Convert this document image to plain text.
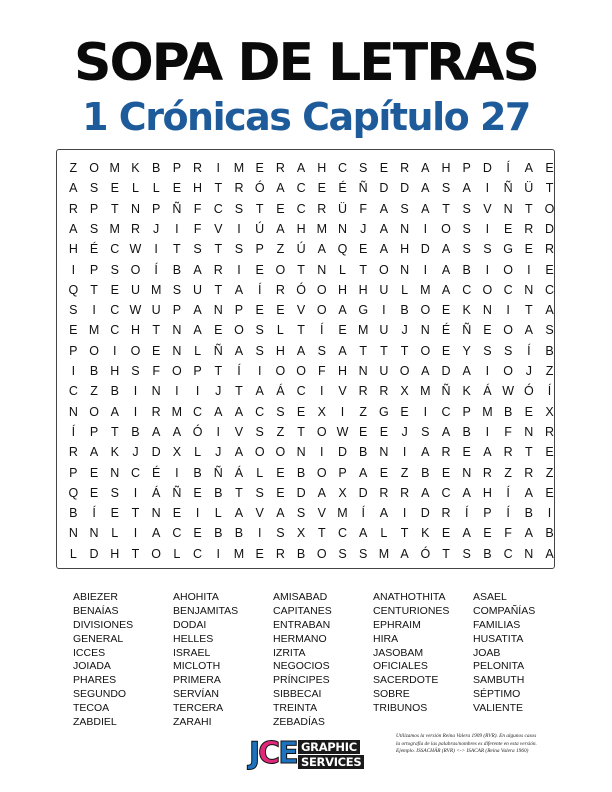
SOPA DE LETRAS
1 Crónicas Capítulo 27
Z O M K B P R	I	M E R A H C S E R A H P D	Í	A E
A S E	L	L	E H T R Ó A C E É Ñ D D A S A	I	Ñ Ü T
R P	T N P Ñ F C S	T	E C R Ü F	A S A	T	S V N T O
A S M R	J	I	F	V	I	Ú A H M N	J	A N	I	O S	I	E R D
H É C W	I	T	S	T	S P	Z Ú A Q E A H D A S S G E R
I	P S O	Í	B A R	I	E O T N	L	T O N	I	A B	I	O	I	E
Q T	E U M S U T	A	Í	R Ó O H H U	L M A C O C N C
S	I	C W U P A N P E E V O A G	I	B O E K N	I	T	A
E M C H T N A E O S	L	T	Í	E M U	J	N É Ñ E O A S
P O	I	O E N	L	Ñ A S H A S A	T	T	T O E Y S S	Í	B
I	B H S	F O P	T	Í	I	O O F H N U O A D A	I	O	J	Z
C Z	B	I	N	I	I	J	T	A Á C	I	V R R X M Ñ K Á W Ó	Í
N O A	I	R M C A A C S E X	I	Z G E	I	C P M B E X
Í	P	T	B A A Ó	I	V S	Z	T O W E E	J	S A B	I	F N R
R A K	J	D X	L	J	A O O N	I	D B N	I	A R E A R T	E
P E N C É	I	B Ñ Á	L	E B O P A E	Z	B E N R Z R Z
Q E S	I	Á Ñ E B	T	S E D A X D R R A C A H	Í	A E
B	Í	E	T N E	I	L	A V A S V M	Í	A	I	D R	Í	P	Í	B	I
N N	L	I	A C E B B	I	S X	T C A	L	T	K E A E	F	A B
L	D H T O L	C	I	M E R B O S S M A Ó T	S B C N A
ABIEZER
BENAÍAS
DIVISIONES
GENERAL
ICCES
JOIADA
PHARES
SEGUNDO
TECOA
ZABDIEL
AHOHITA
BENJAMITAS
DODAI
HELLES
ISRAEL
MICLOTH
PRIMERA
SERVÍAN
TERCERA
ZARAHI
AMISABAD
CAPITANES
ENTRABAN
HERMANO
IZRITA
NEGOCIOS
PRÍNCIPES
SIBBECAI
TREINTA
ZEBADÍAS
ANATHOTHITA
CENTURIONES
EPHRAIM
HIRA
JASOBAM
OFICIALES
SACERDOTE
SOBRE
TRIBUNOS
ASAEL
COMPAÑÍAS
FAMILIAS
HUSATITA
JOAB
PELONITA
SAMBUTH
SÉPTIMO
VALIENTE
JCE GRAPHIC
SERVICES
Utilizamos la versión Reina Valera 1909 (RVR). En algunos casos
la ortografía de las palabras/nombres es diferente en esta versión.
Ejemplo. ISSACHÁR (RVR) <-> ISACAR (Reina Valera 1960)
